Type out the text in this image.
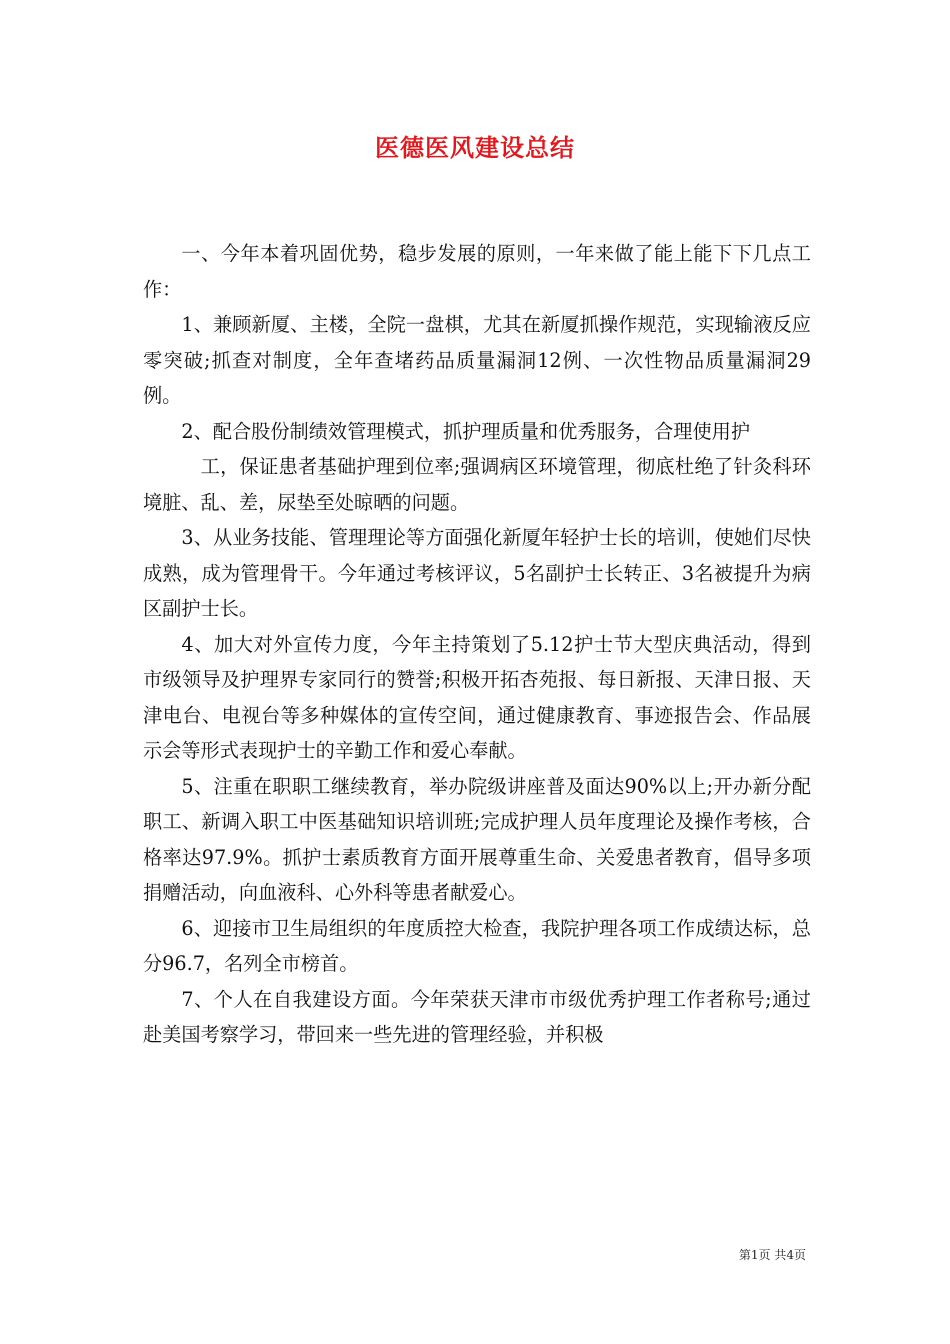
医德医风建设总结

一、今年本着巩固优势，稳步发展的原则，一年来做了能上能下下几点工作：

1、兼顾新厦、主楼，全院一盘棋，尤其在新厦抓操作规范，实现输液反应零突破;抓查对制度，全年查堵药品质量漏洞12例、一次性物品质量漏洞29例。

2、配合股份制绩效管理模式，抓护理质量和优秀服务，合理使用护

工，保证患者基础护理到位率;强调病区环境管理，彻底杜绝了针灸科环境脏、乱、差，尿垫至处晾晒的问题。

3、从业务技能、管理理论等方面强化新厦年轻护士长的培训，使她们尽快成熟，成为管理骨干。今年通过考核评议，5名副护士长转正、3名被提升为病区副护士长。

4、加大对外宣传力度，今年主持策划了5.12护士节大型庆典活动，得到市级领导及护理界专家同行的赞誉;积极开拓杏苑报、每日新报、天津日报、天津电台、电视台等多种媒体的宣传空间，通过健康教育、事迹报告会、作品展示会等形式表现护士的辛勤工作和爱心奉献。

5、注重在职职工继续教育，举办院级讲座普及面达90%以上;开办新分配职工、新调入职工中医基础知识培训班;完成护理人员年度理论及操作考核，合格率达97.9%。抓护士素质教育方面开展尊重生命、关爱患者教育，倡导多项捐赠活动，向血液科、心外科等患者献爱心。

6、迎接市卫生局组织的年度质控大检查，我院护理各项工作成绩达标，总分96.7，名列全市榜首。

7、个人在自我建设方面。今年荣获天津市市级优秀护理工作者称号;通过赴美国考察学习，带回来一些先进的管理经验，并积极

第1页 共4页
